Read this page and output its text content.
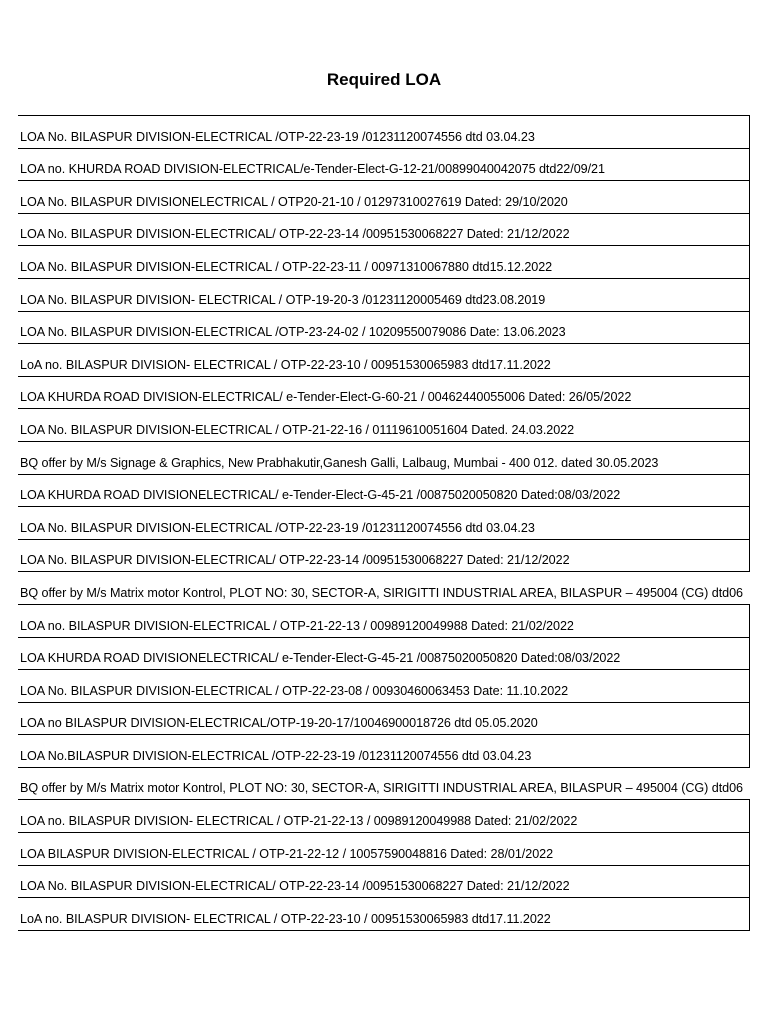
Required LOA
LOA No. BILASPUR DIVISION-ELECTRICAL /OTP-22-23-19 /01231120074556 dtd 03.04.23
LOA no. KHURDA ROAD DIVISION-ELECTRICAL/e-Tender-Elect-G-12-21/00899040042075 dtd22/09/21
LOA No. BILASPUR DIVISIONELECTRICAL / OTP20-21-10 / 01297310027619 Dated: 29/10/2020
LOA No. BILASPUR DIVISION-ELECTRICAL/ OTP-22-23-14 /00951530068227 Dated: 21/12/2022
LOA No. BILASPUR DIVISION-ELECTRICAL / OTP-22-23-11 / 00971310067880 dtd15.12.2022
LOA No. BILASPUR DIVISION- ELECTRICAL / OTP-19-20-3 /01231120005469 dtd23.08.2019
LOA No. BILASPUR DIVISION-ELECTRICAL /OTP-23-24-02 / 10209550079086 Date: 13.06.2023
LoA no. BILASPUR DIVISION- ELECTRICAL / OTP-22-23-10 / 00951530065983 dtd17.11.2022
LOA KHURDA ROAD DIVISION-ELECTRICAL/ e-Tender-Elect-G-60-21 / 00462440055006 Dated: 26/05/2022
LOA No. BILASPUR DIVISION-ELECTRICAL / OTP-21-22-16 / 01119610051604 Dated. 24.03.2022
BQ offer by M/s Signage & Graphics, New Prabhakutir,Ganesh Galli, Lalbaug, Mumbai - 400 012. dated 30.05.2023
LOA KHURDA ROAD DIVISIONELECTRICAL/ e-Tender-Elect-G-45-21 /00875020050820 Dated:08/03/2022
LOA No. BILASPUR DIVISION-ELECTRICAL /OTP-22-23-19 /01231120074556 dtd 03.04.23
LOA No. BILASPUR DIVISION-ELECTRICAL/ OTP-22-23-14 /00951530068227 Dated: 21/12/2022
BQ offer by M/s Matrix motor Kontrol, PLOT NO: 30, SECTOR-A, SIRIGITTI INDUSTRIAL AREA, BILASPUR – 495004 (CG) dtd06
LOA no. BILASPUR DIVISION-ELECTRICAL / OTP-21-22-13 / 00989120049988 Dated: 21/02/2022
LOA KHURDA ROAD DIVISIONELECTRICAL/ e-Tender-Elect-G-45-21 /00875020050820 Dated:08/03/2022
LOA No. BILASPUR DIVISION-ELECTRICAL / OTP-22-23-08 / 00930460063453 Date: 11.10.2022
LOA no BILASPUR DIVISION-ELECTRICAL/OTP-19-20-17/10046900018726 dtd 05.05.2020
LOA No.BILASPUR DIVISION-ELECTRICAL /OTP-22-23-19 /01231120074556 dtd 03.04.23
BQ offer by M/s Matrix motor Kontrol, PLOT NO: 30, SECTOR-A, SIRIGITTI INDUSTRIAL AREA, BILASPUR – 495004 (CG) dtd06
LOA no. BILASPUR DIVISION- ELECTRICAL / OTP-21-22-13 / 00989120049988 Dated: 21/02/2022
LOA BILASPUR DIVISION-ELECTRICAL / OTP-21-22-12 / 10057590048816 Dated: 28/01/2022
LOA No. BILASPUR DIVISION-ELECTRICAL/ OTP-22-23-14 /00951530068227 Dated: 21/12/2022
LoA no. BILASPUR DIVISION- ELECTRICAL / OTP-22-23-10 / 00951530065983 dtd17.11.2022
